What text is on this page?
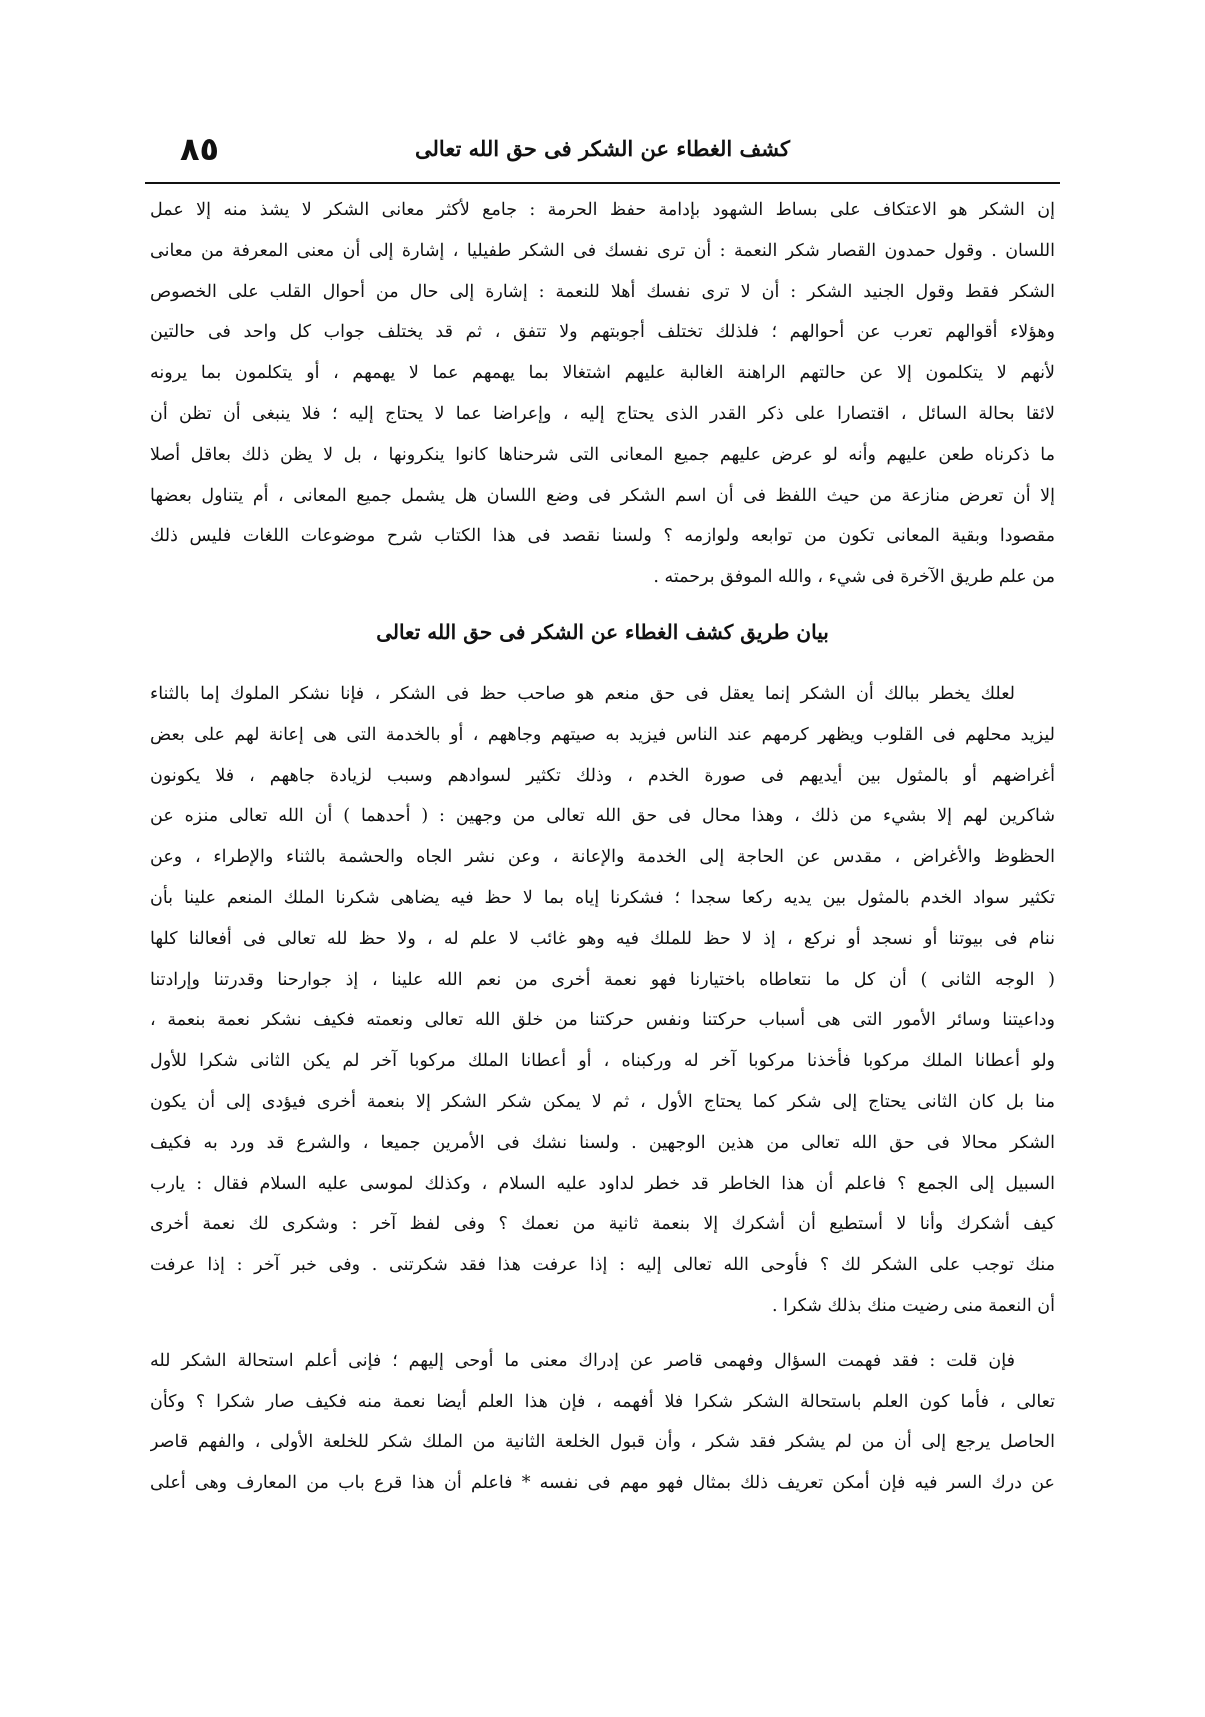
٨٥	كشف الغطاء عن الشكر فى حق الله تعالى
إن الشكر هو الاعتكاف على بساط الشهود بإدامة حفظ الحرمة : جامع لأكثر معانى الشكر لا يشذ منه إلا عمل
اللسان . وقول حمدون القصار شكر النعمة : أن ترى نفسك فى الشكر طفيليا ، إشارة إلى أن معنى المعرفة من معانى
الشكر فقط وقول الجنيد الشكر : أن لا ترى نفسك أهلا للنعمة : إشارة إلى حال من أحوال القلب على الخصوص
وهؤلاء أقوالهم تعرب عن أحوالهم ؛ فلذلك تختلف أجوبتهم ولا تتفق ، ثم قد يختلف جواب كل واحد فى حالتين
لأنهم لا يتكلمون إلا عن حالتهم الراهنة الغالبة عليهم اشتغالا بما يهمهم عما لا يهمهم ، أو يتكلمون بما يرونه
لائقا بحالة السائل ، اقتصارا على ذكر القدر الذى يحتاج إليه ، وإعراضا عما لا يحتاج إليه ؛ فلا ينبغى أن تظن أن
ما ذكرناه طعن عليهم وأنه لو عرض عليهم جميع المعانى التى شرحناها كانوا ينكرونها ، بل لا يظن ذلك بعاقل أصلا
إلا أن تعرض منازعة من حيث اللفظ فى أن اسم الشكر فى وضع اللسان هل يشمل جميع المعانى ، أم يتناول بعضها
مقصودا وبقية المعانى تكون من توابعه ولوازمه ؟ ولسنا نقصد فى هذا الكتاب شرح موضوعات اللغات فليس ذلك
من علم طريق الآخرة فى شيء ، والله الموفق برحمته .
بيان طريق كشف الغطاء عن الشكر فى حق الله تعالى
لعلك يخطر ببالك أن الشكر إنما يعقل فى حق منعم هو صاحب حظ فى الشكر ، فإنا نشكر الملوك إما بالثناء
ليزيد محلهم فى القلوب ويظهر كرمهم عند الناس فيزيد به صيتهم وجاههم ، أو بالخدمة التى هى إعانة لهم على بعض
أغراضهم أو بالمثول بين أيديهم فى صورة الخدم ، وذلك تكثير لسوادهم وسبب لزيادة جاههم ، فلا يكونون
شاكرين لهم إلا بشيء من ذلك ، وهذا محال فى حق الله تعالى من وجهين : ( أحدهما ) أن الله تعالى منزه عن
الحظوظ والأغراض ، مقدس عن الحاجة إلى الخدمة والإعانة ، وعن نشر الجاه والحشمة بالثناء والإطراء ، وعن
تكثير سواد الخدم بالمثول بين يديه ركعا سجدا ؛ فشكرنا إياه بما لا حظ فيه يضاهى شكرنا الملك المنعم علينا بأن
ننام فى بيوتنا أو نسجد أو نركع ، إذ لا حظ للملك فيه وهو غائب لا علم له ، ولا حظ لله تعالى فى أفعالنا كلها
( الوجه الثانى ) أن كل ما نتعاطاه باختيارنا فهو نعمة أخرى من نعم الله علينا ، إذ جوارحنا وقدرتنا وإرادتنا
وداعيتنا وسائر الأمور التى هى أسباب حركتنا ونفس حركتنا من خلق الله تعالى ونعمته فكيف نشكر نعمة بنعمة ،
ولو أعطانا الملك مركوبا فأخذنا مركوبا آخر له وركبناه ، أو أعطانا الملك مركوبا آخر لم يكن الثانى شكرا للأول
منا بل كان الثانى يحتاج إلى شكر كما يحتاج الأول ، ثم لا يمكن شكر الشكر إلا بنعمة أخرى فيؤدى إلى أن يكون
الشكر محالا فى حق الله تعالى من هذين الوجهين . ولسنا نشك فى الأمرين جميعا ، والشرع قد ورد به فكيف
السبيل إلى الجمع ؟ فاعلم أن هذا الخاطر قد خطر لداود عليه السلام ، وكذلك لموسى عليه السلام فقال : يارب
كيف أشكرك وأنا لا أستطيع أن أشكرك إلا بنعمة ثانية من نعمك ؟ وفى لفظ آخر : وشكرى لك نعمة أخرى
منك توجب على الشكر لك ؟ فأوحى الله تعالى إليه : إذا عرفت هذا فقد شكرتنى . وفى خبر آخر : إذا عرفت
أن النعمة منى رضيت منك بذلك شكرا .
فإن قلت : فقد فهمت السؤال وفهمى قاصر عن إدراك معنى ما أوحى إليهم ؛ فإنى أعلم استحالة الشكر لله
تعالى ، فأما كون العلم باستحالة الشكر شكرا فلا أفهمه ، فإن هذا العلم أيضا نعمة منه فكيف صار شكرا ؟ وكأن
الحاصل يرجع إلى أن من لم يشكر فقد شكر ، وأن قبول الخلعة الثانية من الملك شكر للخلعة الأولى ، والفهم قاصر
عن درك السر فيه فإن أمكن تعريف ذلك بمثال فهو مهم فى نفسه * فاعلم أن هذا قرع باب من المعارف وهى أعلى
